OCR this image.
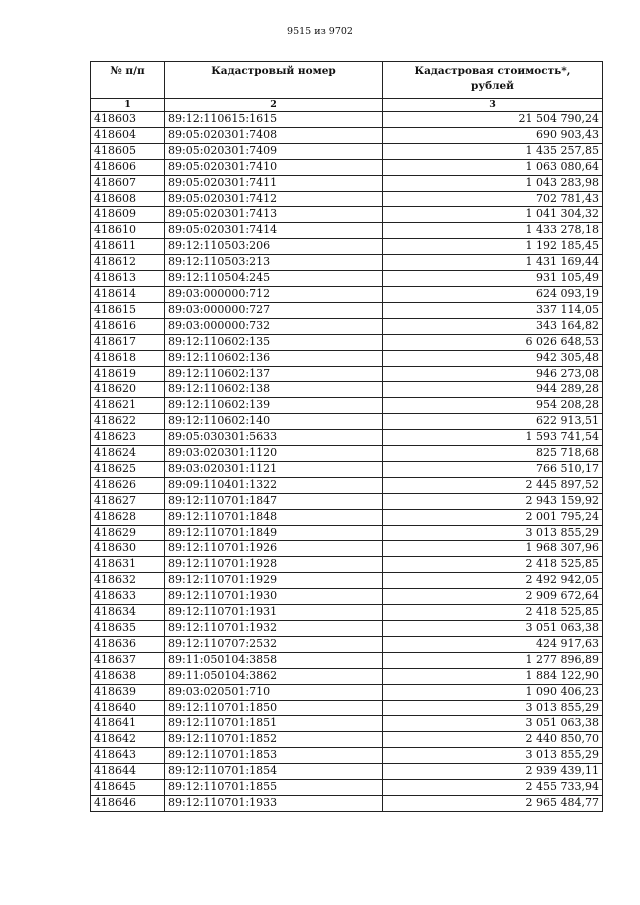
9515 из 9702
№ п/п	Кадастровый номер	Кадастровая стоимость*,
рублей

1	2	3
418603	89:12:110615:1615	21 504 790,24
418604	89:05:020301:7408	690 903,43
418605	89:05:020301:7409	1 435 257,85
418606	89:05:020301:7410	1 063 080,64
418607	89:05:020301:7411	1 043 283,98
418608	89:05:020301:7412	702 781,43
418609	89:05:020301:7413	1 041 304,32
418610	89:05:020301:7414	1 433 278,18
418611	89:12:110503:206	1 192 185,45
418612	89:12:110503:213	1 431 169,44
418613	89:12:110504:245	931 105,49
418614	89:03:000000:712	624 093,19
418615	89:03:000000:727	337 114,05
418616	89:03:000000:732	343 164,82
418617	89:12:110602:135	6 026 648,53
418618	89:12:110602:136	942 305,48
418619	89:12:110602:137	946 273,08
418620	89:12:110602:138	944 289,28
418621	89:12:110602:139	954 208,28
418622	89:12:110602:140	622 913,51
418623	89:05:030301:5633	1 593 741,54
418624	89:03:020301:1120	825 718,68
418625	89:03:020301:1121	766 510,17
418626	89:09:110401:1322	2 445 897,52
418627	89:12:110701:1847	2 943 159,92
418628	89:12:110701:1848	2 001 795,24
418629	89:12:110701:1849	3 013 855,29
418630	89:12:110701:1926	1 968 307,96
418631	89:12:110701:1928	2 418 525,85
418632	89:12:110701:1929	2 492 942,05
418633	89:12:110701:1930	2 909 672,64
418634	89:12:110701:1931	2 418 525,85
418635	89:12:110701:1932	3 051 063,38
418636	89:12:110707:2532	424 917,63
418637	89:11:050104:3858	1 277 896,89
418638	89:11:050104:3862	1 884 122,90
418639	89:03:020501:710	1 090 406,23
418640	89:12:110701:1850	3 013 855,29
418641	89:12:110701:1851	3 051 063,38
418642	89:12:110701:1852	2 440 850,70
418643	89:12:110701:1853	3 013 855,29
418644	89:12:110701:1854	2 939 439,11
418645	89:12:110701:1855	2 455 733,94
418646	89:12:110701:1933	2 965 484,77
